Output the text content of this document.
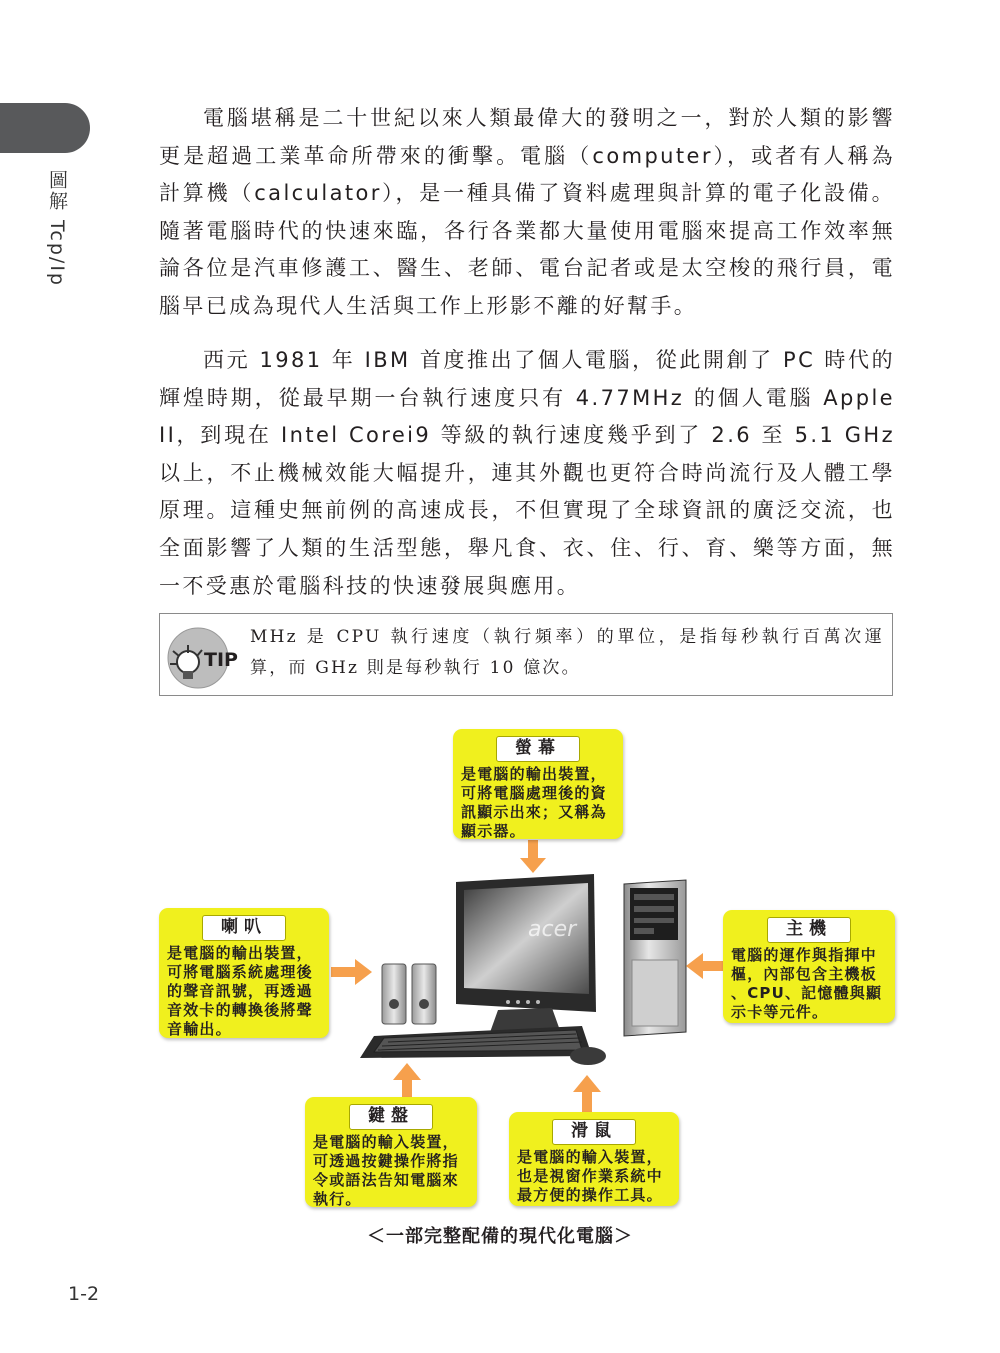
圖解 Tcp/Ip

電腦堪稱是二十世紀以來人類最偉大的發明之一，對於人類的影響更是超過工業革命所帶來的衝擊。電腦（computer），或者有人稱為計算機（calculator），是一種具備了資料處理與計算的電子化設備。隨著電腦時代的快速來臨，各行各業都大量使用電腦來提高工作效率無論各位是汽車修護工、醫生、老師、電台記者或是太空梭的飛行員，電腦早已成為現代人生活與工作上形影不離的好幫手。

西元 1981 年 IBM 首度推出了個人電腦，從此開創了 PC 時代的輝煌時期，從最早期一台執行速度只有 4.77MHz 的個人電腦 Apple II，到現在 Intel Corei9 等級的執行速度幾乎到了 2.6 至 5.1 GHz 以上，不止機械效能大幅提升，連其外觀也更符合時尚流行及人體工學原理。這種史無前例的高速成長，不但實現了全球資訊的廣泛交流，也全面影響了人類的生活型態，舉凡食、衣、住、行、育、樂等方面，無一不受惠於電腦科技的快速發展與應用。

TIP

MHz 是 CPU 執行速度（執行頻率）的單位，是指每秒執行百萬次運算，而 GHz 則是每秒執行 10 億次。

acer
螢幕

是電腦的輸出裝置，
可將電腦處理後的資
訊顯示出來；又稱為
顯示器。

喇叭

是電腦的輸出裝置，
可將電腦系統處理後
的聲音訊號，再透過
音效卡的轉換後將聲
音輸出。

主機

電腦的運作與指揮中
樞，內部包含主機板
、CPU、記憶體與顯
示卡等元件。

鍵盤

是電腦的輸入裝置，
可透過按鍵操作將指
令或語法告知電腦來
執行。

滑鼠

是電腦的輸入裝置，
也是視窗作業系統中
最方便的操作工具。

＜一部完整配備的現代化電腦＞
1-2
